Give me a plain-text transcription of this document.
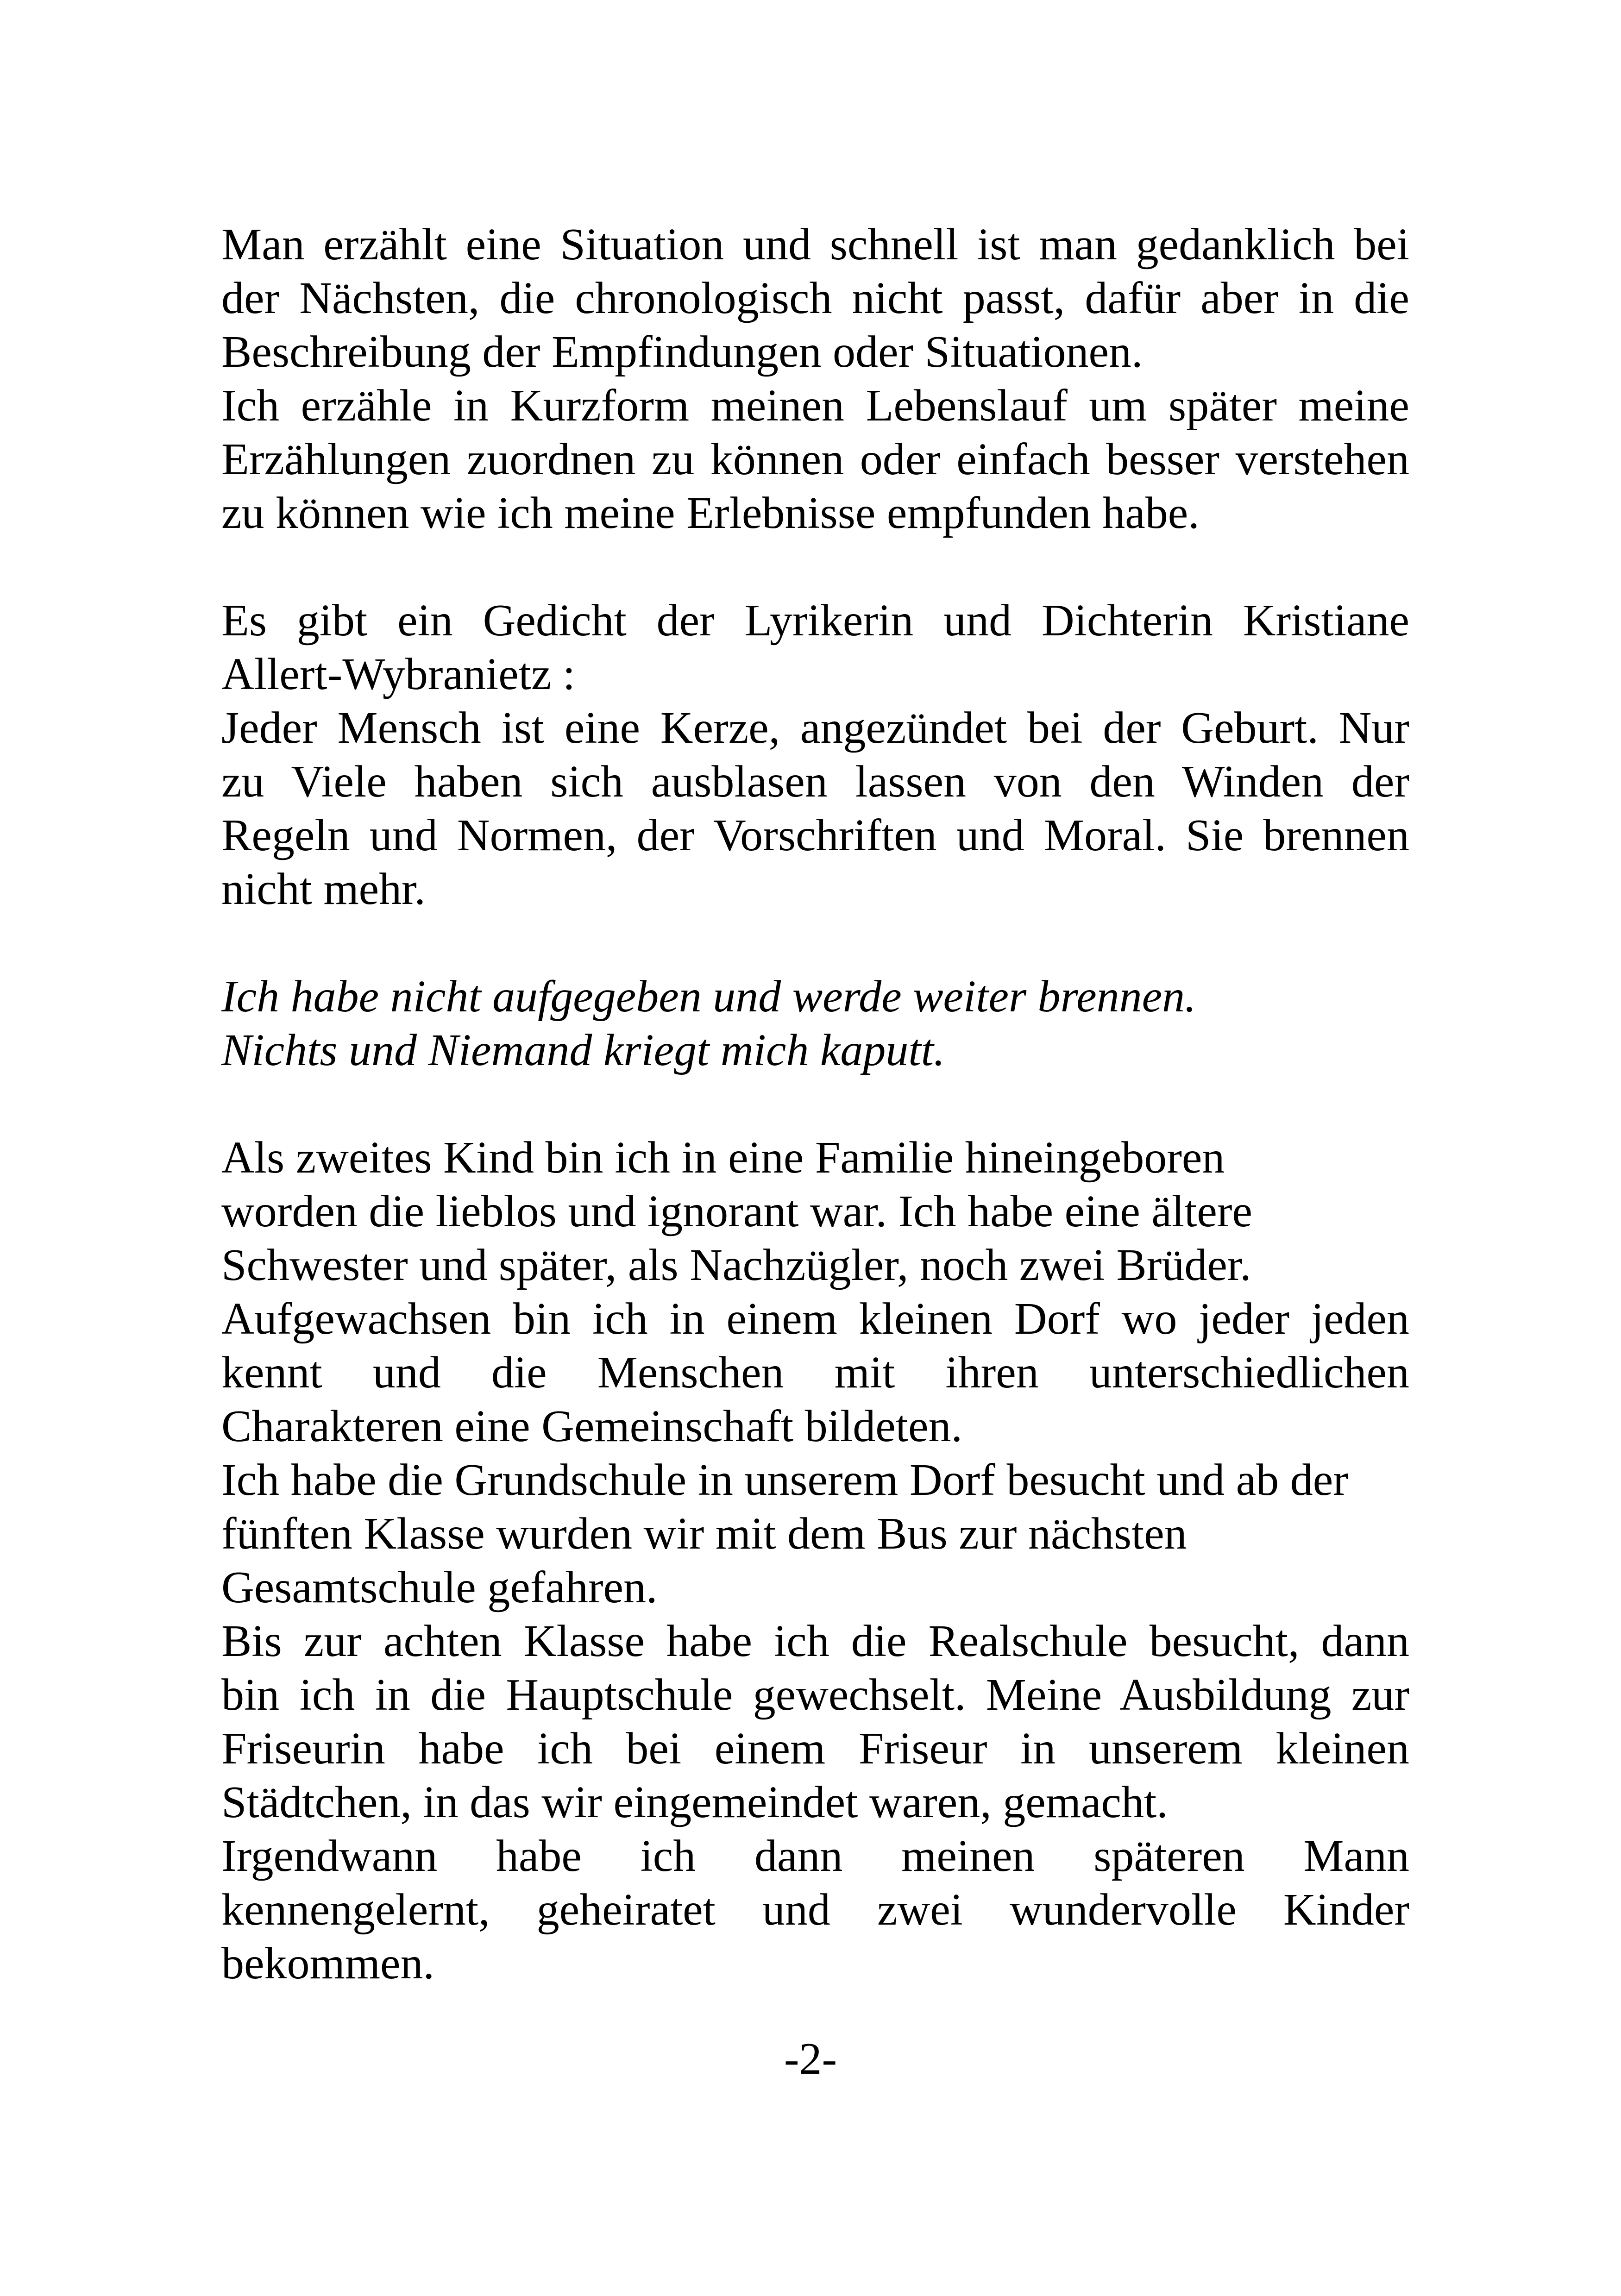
Man erzählt eine Situation und schnell ist man gedanklich bei
der Nächsten, die chronologisch nicht passt, dafür aber in die
Beschreibung der Empfindungen oder Situationen.
Ich erzähle in Kurzform meinen Lebenslauf um später meine
Erzählungen zuordnen zu können oder einfach besser verstehen
zu können wie ich meine Erlebnisse empfunden habe.
Es gibt ein Gedicht der Lyrikerin und Dichterin Kristiane
Allert-Wybranietz :
Jeder Mensch ist eine Kerze, angezündet bei der Geburt. Nur
zu Viele haben sich ausblasen lassen von den Winden der
Regeln und Normen, der Vorschriften und Moral. Sie brennen
nicht mehr.
Ich habe nicht aufgegeben und werde weiter brennen.
Nichts und Niemand kriegt mich kaputt.
Als zweites Kind bin ich in eine Familie hineingeboren
worden die lieblos und ignorant war. Ich habe eine ältere
Schwester und später, als Nachzügler, noch zwei Brüder.
Aufgewachsen bin ich in einem kleinen Dorf wo jeder jeden
kennt und die Menschen mit ihren unterschiedlichen
Charakteren eine Gemeinschaft bildeten.
Ich habe die Grundschule in unserem Dorf besucht und ab der
fünften Klasse wurden wir mit dem Bus zur nächsten
Gesamtschule gefahren.
Bis zur achten Klasse habe ich die Realschule besucht, dann
bin ich in die Hauptschule gewechselt. Meine Ausbildung zur
Friseurin habe ich bei einem Friseur in unserem kleinen
Städtchen, in das wir eingemeindet waren, gemacht.
Irgendwann habe ich dann meinen späteren Mann
kennengelernt, geheiratet und zwei wundervolle Kinder
bekommen.
-2-
